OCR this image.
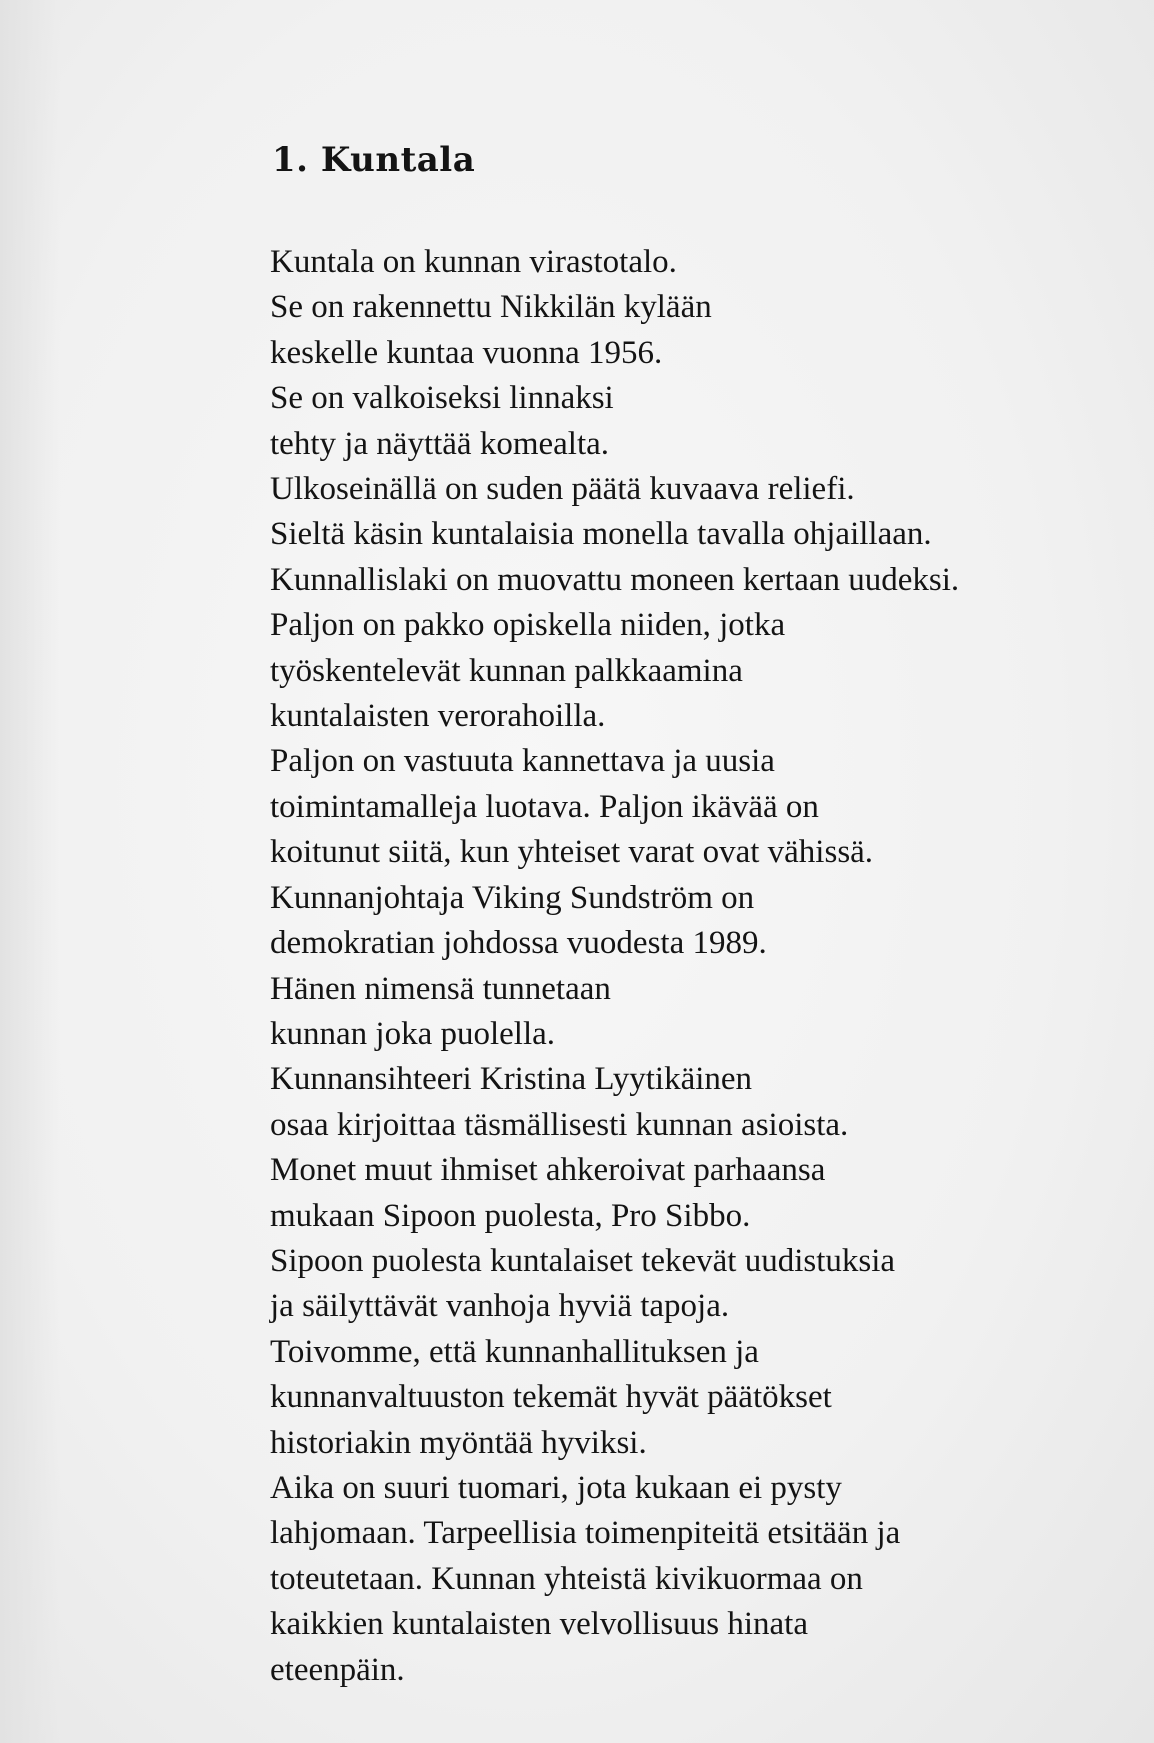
1. Kuntala
Kuntala on kunnan virastotalo.
Se on rakennettu Nikkilän kylään
keskelle kuntaa vuonna 1956.
Se on valkoiseksi linnaksi
tehty ja näyttää komealta.
Ulkoseinällä on suden päätä kuvaava reliefi.
Sieltä käsin kuntalaisia monella tavalla ohjaillaan.
Kunnallislaki on muovattu moneen kertaan uudeksi.
Paljon on pakko opiskella niiden, jotka
työskentelevät kunnan palkkaamina
kuntalaisten verorahoilla.
Paljon on vastuuta kannettava ja uusia
toimintamalleja luotava. Paljon ikävää on
koitunut siitä, kun yhteiset varat ovat vähissä.
Kunnanjohtaja Viking Sundström on
demokratian johdossa vuodesta 1989.
Hänen nimensä tunnetaan
kunnan joka puolella.
Kunnansihteeri Kristina Lyytikäinen
osaa kirjoittaa täsmällisesti kunnan asioista.
Monet muut ihmiset ahkeroivat parhaansa
mukaan Sipoon puolesta, Pro Sibbo.
Sipoon puolesta kuntalaiset tekevät uudistuksia
ja säilyttävät vanhoja hyviä tapoja.
Toivomme, että kunnanhallituksen ja
kunnanvaltuuston tekemät hyvät päätökset
historiakin myöntää hyviksi.
Aika on suuri tuomari, jota kukaan ei pysty
lahjomaan. Tarpeellisia toimenpiteitä etsitään ja
toteutetaan. Kunnan yhteistä kivikuormaa on
kaikkien kuntalaisten velvollisuus hinata
eteenpäin.
